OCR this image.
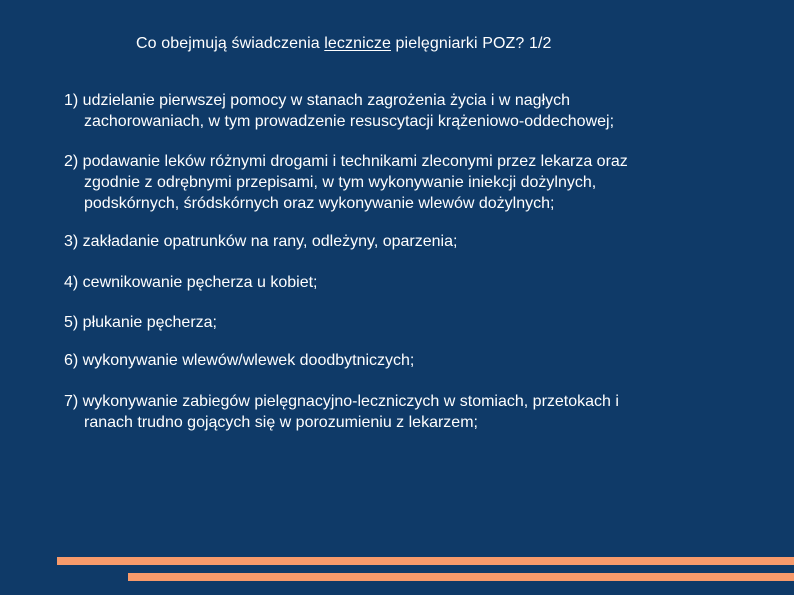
Co obejmują świadczenia lecznicze pielęgniarki POZ? 1/2
1) udzielanie pierwszej pomocy w stanach zagrożenia życia i w nagłych
zachorowaniach, w tym prowadzenie resuscytacji krążeniowo-oddechowej;
2) podawanie leków różnymi drogami i technikami zleconymi przez lekarza oraz
zgodnie z odrębnymi przepisami, w tym wykonywanie iniekcji dożylnych,
podskórnych, śródskórnych oraz wykonywanie wlewów dożylnych;
3) zakładanie opatrunków na rany, odleżyny, oparzenia;
4) cewnikowanie pęcherza u kobiet;
5) płukanie pęcherza;
6) wykonywanie wlewów/wlewek doodbytniczych;
7) wykonywanie zabiegów pielęgnacyjno-leczniczych w stomiach, przetokach i
ranach trudno gojących się w porozumieniu z lekarzem;
